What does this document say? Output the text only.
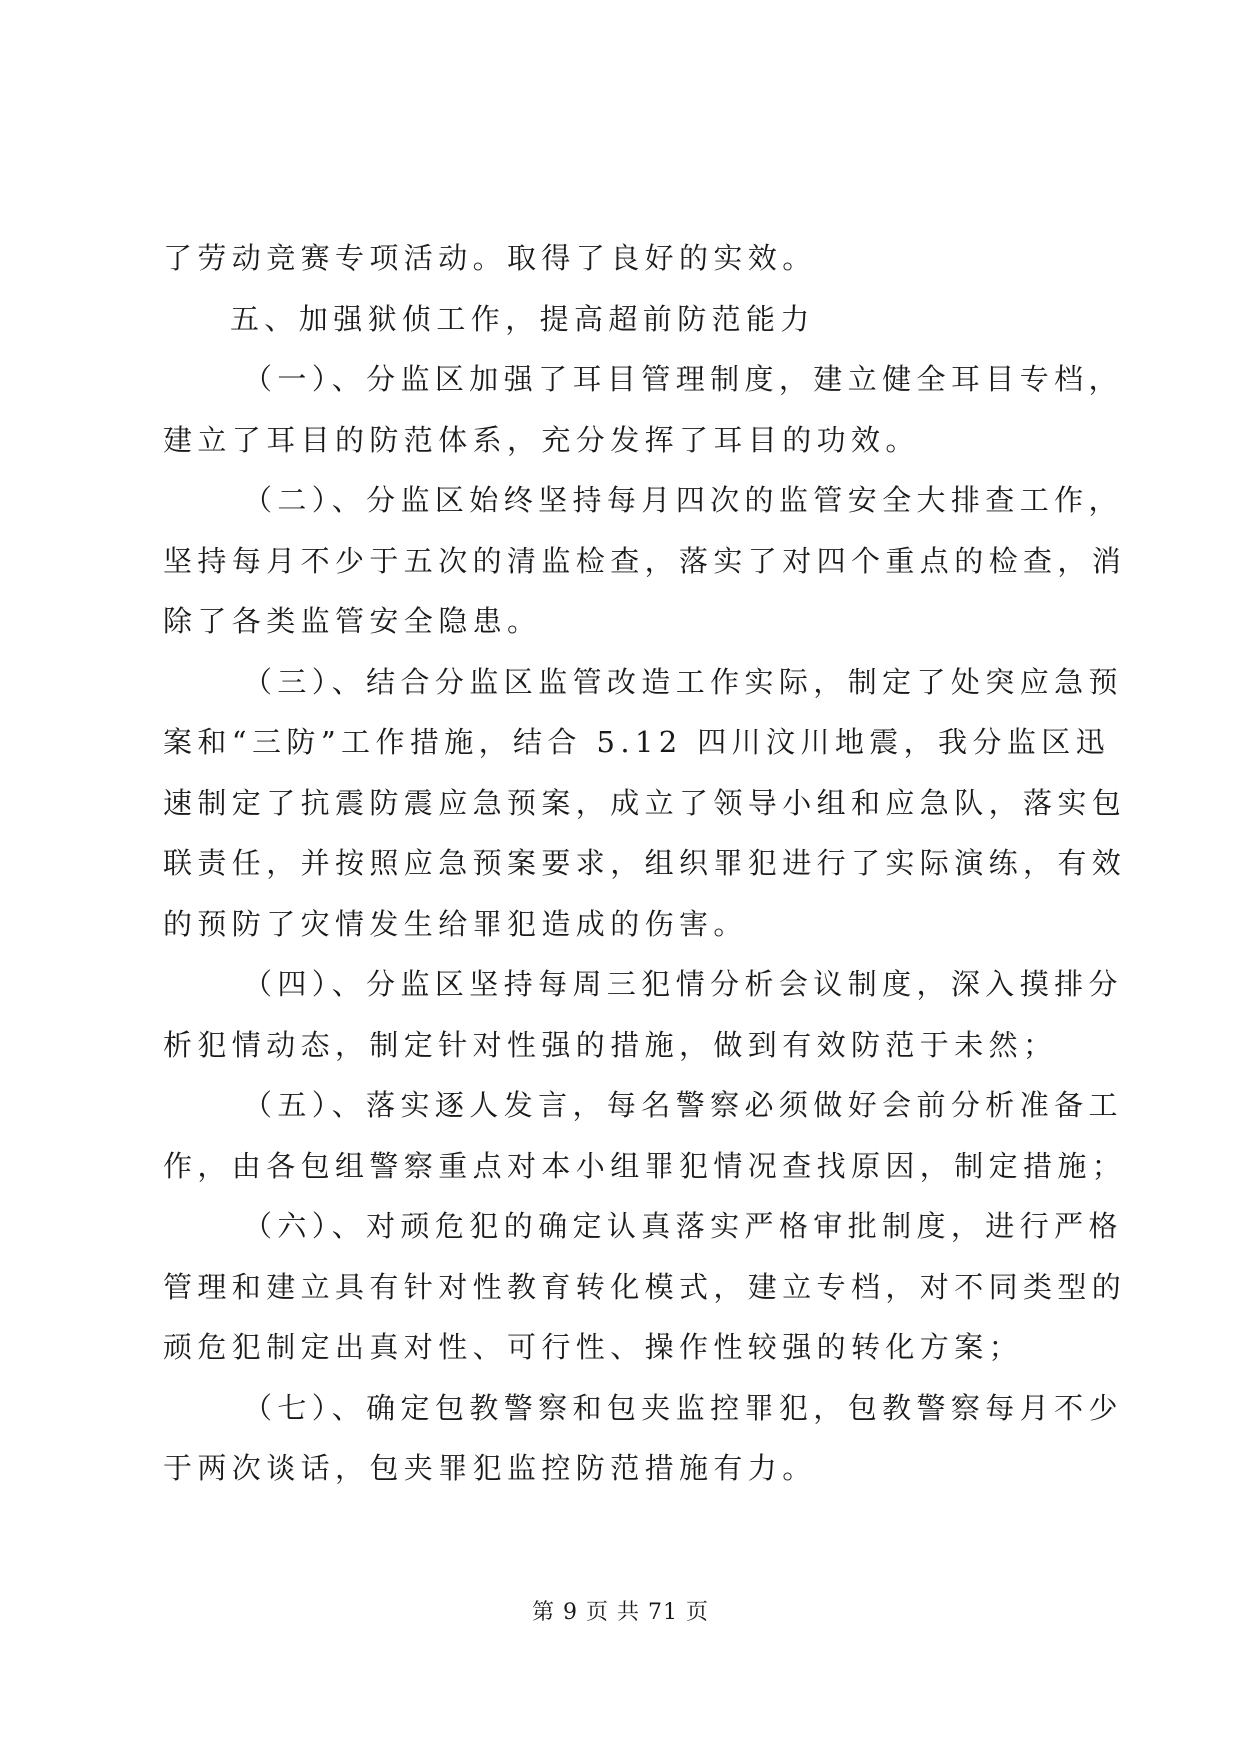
了劳动竞赛专项活动。取得了良好的实效。
五、加强狱侦工作，提高超前防范能力
（一）、分监区加强了耳目管理制度，建立健全耳目专档，
建立了耳目的防范体系，充分发挥了耳目的功效。
（二）、分监区始终坚持每月四次的监管安全大排查工作，
坚持每月不少于五次的清监检查，落实了对四个重点的检查，消
除了各类监管安全隐患。
（三）、结合分监区监管改造工作实际，制定了处突应急预
案和“三防”工作措施，结合 5.12 四川汶川地震，我分监区迅
速制定了抗震防震应急预案，成立了领导小组和应急队，落实包
联责任，并按照应急预案要求，组织罪犯进行了实际演练，有效
的预防了灾情发生给罪犯造成的伤害。
（四）、分监区坚持每周三犯情分析会议制度，深入摸排分
析犯情动态，制定针对性强的措施，做到有效防范于未然；
（五）、落实逐人发言，每名警察必须做好会前分析准备工
作，由各包组警察重点对本小组罪犯情况查找原因，制定措施；
（六）、对顽危犯的确定认真落实严格审批制度，进行严格
管理和建立具有针对性教育转化模式，建立专档，对不同类型的
顽危犯制定出真对性、可行性、操作性较强的转化方案；
（七）、确定包教警察和包夹监控罪犯，包教警察每月不少
于两次谈话，包夹罪犯监控防范措施有力。
第 9 页 共 71 页
